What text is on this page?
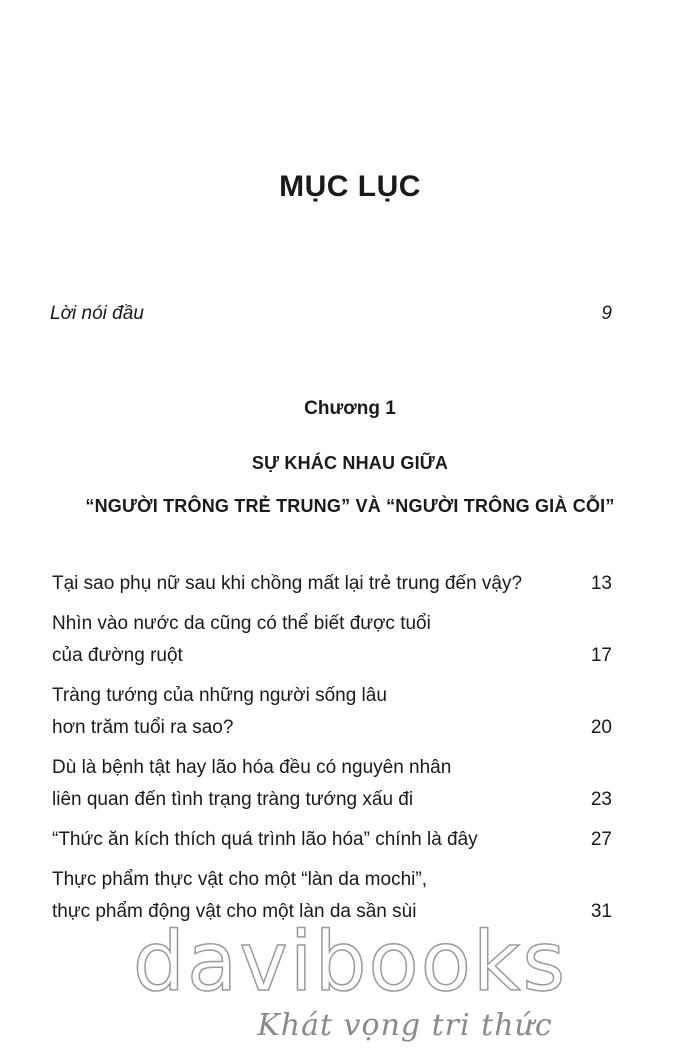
MỤC LỤC
Lời nói đầu	9
Chương 1
SỰ KHÁC NHAU GIỮA
“NGƯỜI TRÔNG TRẺ TRUNG” VÀ “NGƯỜI TRÔNG GIÀ CỖI”
Tại sao phụ nữ sau khi chồng mất lại trẻ trung đến vậy?	13
Nhìn vào nước da cũng có thể biết được tuổi
của đường ruột	17
Tràng tướng của những người sống lâu
hơn trăm tuổi ra sao?	20
Dù là bệnh tật hay lão hóa đều có nguyên nhân
liên quan đến tình trạng tràng tướng xấu đi	23
“Thức ăn kích thích quá trình lão hóa” chính là đây	27
Thực phẩm thực vật cho một “làn da mochi”,
thực phẩm động vật cho một làn da sần sùi	31
davibooks
Khát vọng tri thức
